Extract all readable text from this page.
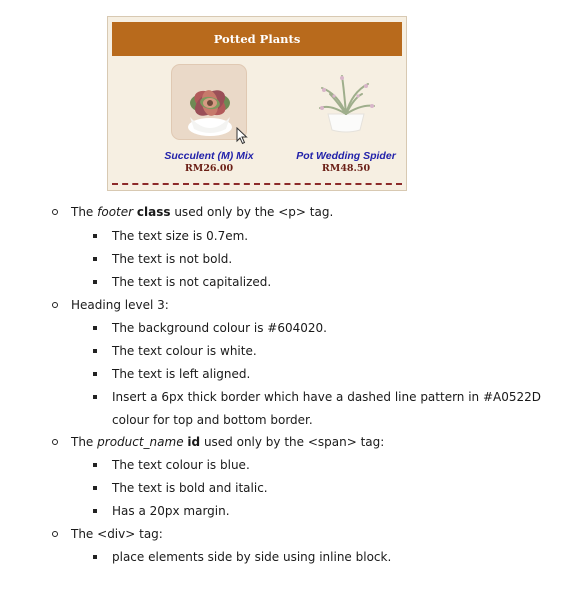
Potted Plants
Succulent (M) Mix
RM26.00
Pot Wedding Spider
RM48.50
The footer class used only by the <p> tag.
The text size is 0.7em.
The text is not bold.
The text is not capitalized.
Heading level 3:
The background colour is #604020.
The text colour is white.
The text is left aligned.
Insert a 6px thick border which have a dashed line pattern in #A0522D
colour for top and bottom border.
The product_name id used only by the <span> tag:
The text colour is blue.
The text is bold and italic.
Has a 20px margin.
The <div> tag:
place elements side by side using inline block.
